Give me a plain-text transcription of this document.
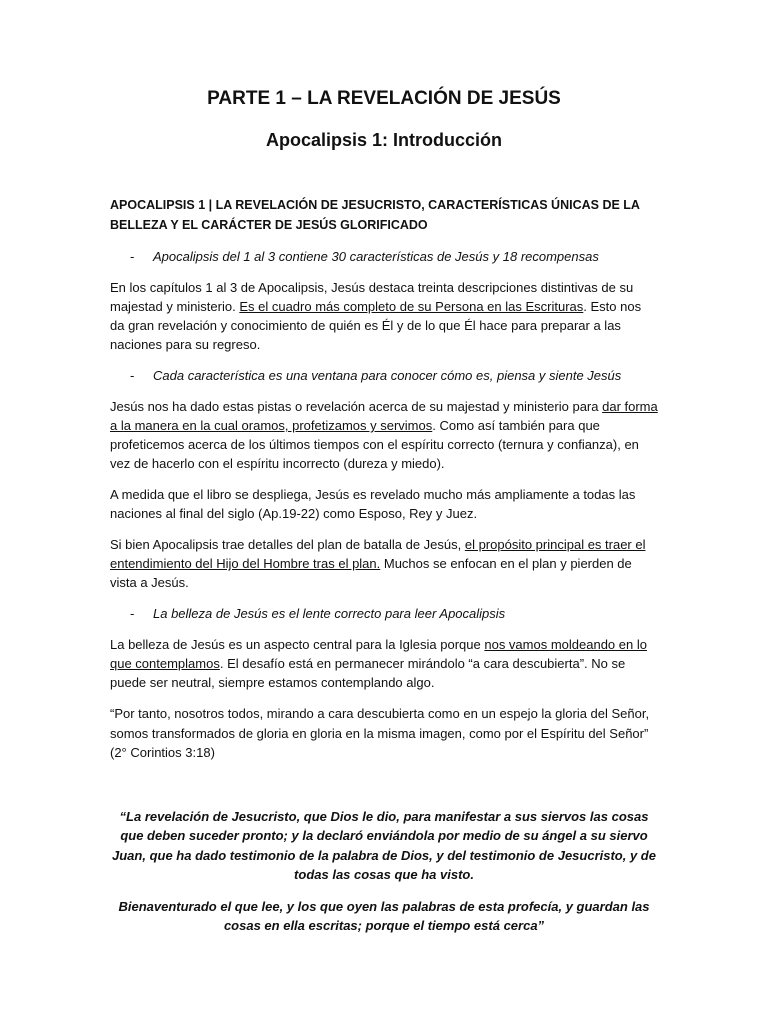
PARTE 1 – LA REVELACIÓN DE JESÚS
Apocalipsis 1: Introducción
APOCALIPSIS 1 | LA REVELACIÓN DE JESUCRISTO, CARACTERÍSTICAS ÚNICAS DE LA BELLEZA Y EL CARÁCTER DE JESÚS GLORIFICADO
-	Apocalipsis del 1 al 3 contiene 30 características de Jesús y 18 recompensas

En los capítulos 1 al 3 de Apocalipsis, Jesús destaca treinta descripciones distintivas de su majestad y ministerio. Es el cuadro más completo de su Persona en las Escrituras. Esto nos da gran revelación y conocimiento de quién es Él y de lo que Él hace para preparar a las naciones para su regreso.

-	Cada característica es una ventana para conocer cómo es, piensa y siente Jesús

Jesús nos ha dado estas pistas o revelación acerca de su majestad y ministerio para dar forma a la manera en la cual oramos, profetizamos y servimos. Como así también para que profeticemos acerca de los últimos tiempos con el espíritu correcto (ternura y confianza), en vez de hacerlo con el espíritu incorrecto (dureza y miedo).

A medida que el libro se despliega, Jesús es revelado mucho más ampliamente a todas las naciones al final del siglo (Ap.19-22) como Esposo, Rey y Juez.

Si bien Apocalipsis trae detalles del plan de batalla de Jesús, el propósito principal es traer el entendimiento del Hijo del Hombre tras el plan. Muchos se enfocan en el plan y pierden de vista a Jesús.

-	La belleza de Jesús es el lente correcto para leer Apocalipsis

La belleza de Jesús es un aspecto central para la Iglesia porque nos vamos moldeando en lo que contemplamos. El desafío está en permanecer mirándolo “a cara descubierta”. No se puede ser neutral, siempre estamos contemplando algo.

“Por tanto, nosotros todos, mirando a cara descubierta como en un espejo la gloria del Señor, somos transformados de gloria en gloria en la misma imagen, como por el Espíritu del Señor” (2° Corintios 3:18)

“La revelación de Jesucristo, que Dios le dio, para manifestar a sus siervos las cosas que deben suceder pronto; y la declaró enviándola por medio de su ángel a su siervo Juan, que ha dado testimonio de la palabra de Dios, y del testimonio de Jesucristo, y de todas las cosas que ha visto.

Bienaventurado el que lee, y los que oyen las palabras de esta profecía, y guardan las cosas en ella escritas; porque el tiempo está cerca”
